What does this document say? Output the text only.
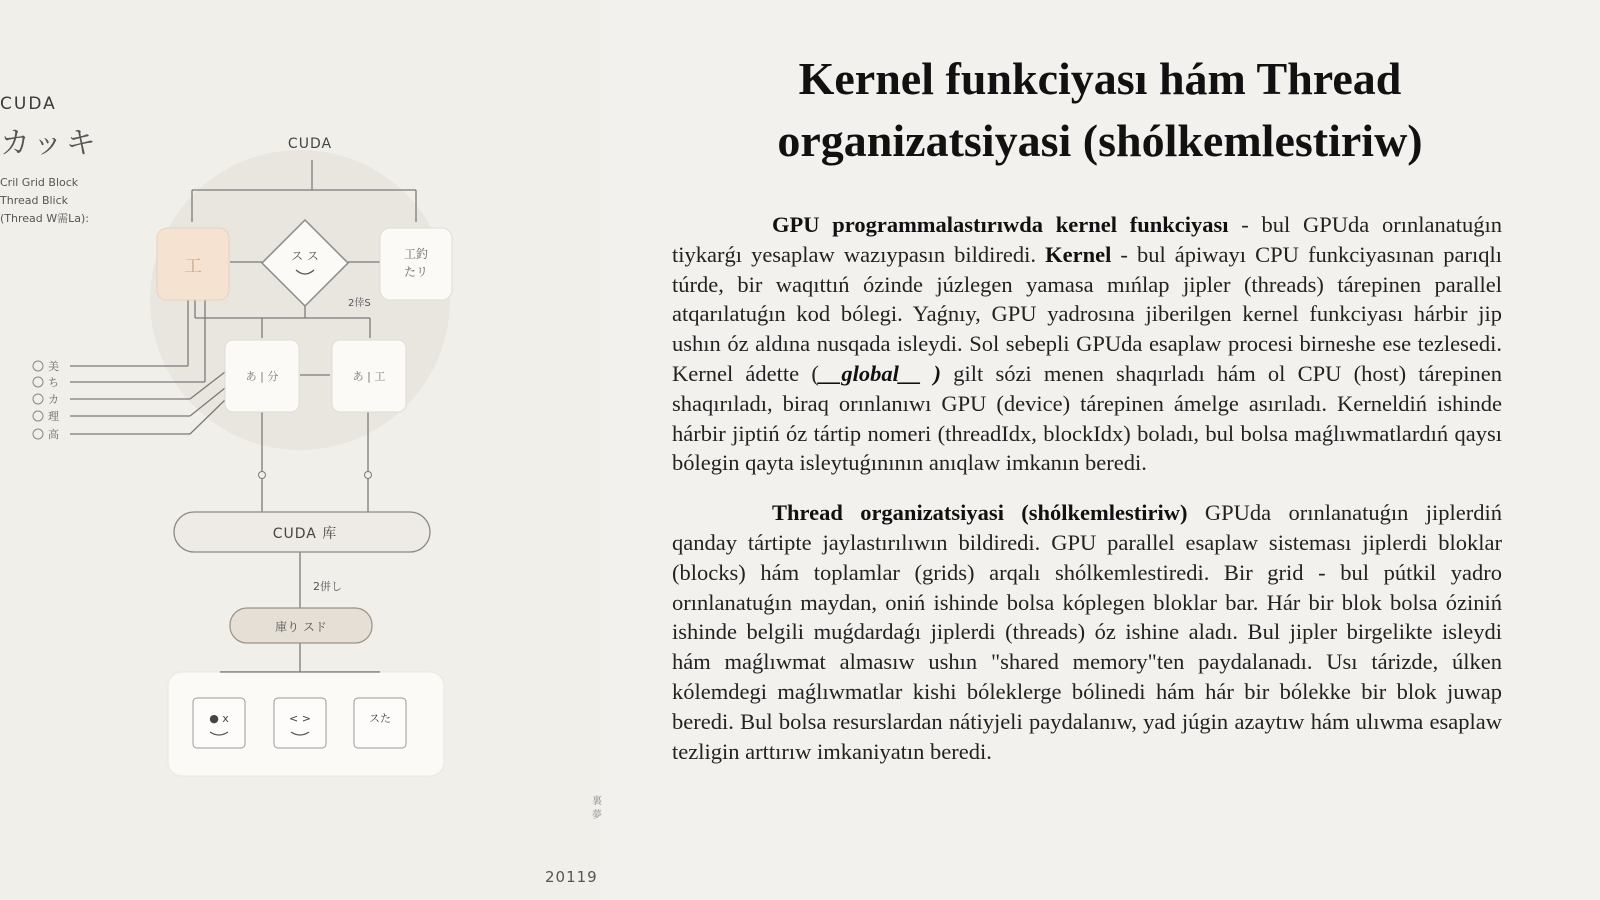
CUDA
カッキ
Cril Grid Block
Thread Blick
(Thread W需La):
CUDA
工	ス ス	工釣
たリ
2倖S
あ | 分	あ | 工
美
ち
カ
理
高
CUDA 库
2併し
庫り スド
● x	< >	スた
裏 夢
20119
Kernel funkciyası hám Thread
organizatsiyasi (shólkemlestiriw)

GPU programmalastırıwda kernel funkciyası - bul GPUda orınlanatuǵın tiykarǵı yesaplaw wazıypasın bildiredi. Kernel - bul ápiwayı CPU funkciyasınan parıqlı túrde, bir waqıttıń ózinde júzlegen yamasa mıńlap jipler (threads) tárepinen parallel atqarılatuǵın kod bólegi. Yaǵnıy, GPU yadrosına jiberilgen kernel funkciyası hárbir jip ushın óz aldına nusqada isleydi. Sol sebepli GPUda esaplaw procesi birneshe ese tezlesedi. Kernel ádette (__global__ ) gilt sózi menen shaqırladı hám ol CPU (host) tárepinen shaqırıladı, biraq orınlanıwı GPU (device) tárepinen ámelge asırıladı. Kerneldiń ishinde hárbir jiptiń óz tártip nomeri (threadIdx, blockIdx) boladı, bul bolsa maǵlıwmatlardıń qaysı bólegin qayta isleytuǵınının anıqlaw imkanın beredi.

Thread organizatsiyasi (shólkemlestiriw) GPUda orınlanatuǵın jiplerdiń qanday tártipte jaylastırılıwın bildiredi. GPU parallel esaplaw sisteması jiplerdi bloklar (blocks) hám toplamlar (grids) arqalı shólkemlestiredi. Bir grid - bul pútkil yadro orınlanatuǵın maydan, oniń ishinde bolsa kóplegen bloklar bar. Hár bir blok bolsa óziniń ishinde belgili muǵdardaǵı jiplerdi (threads) óz ishine aladı. Bul jipler birgelikte isleydi hám maǵlıwmat almasıw ushın "shared memory"ten paydalanadı. Usı tárizde, úlken kólemdegi maǵlıwmatlar kishi bóleklerge bólinedi hám hár bir bólekke bir blok juwap beredi. Bul bolsa resurslardan nátiyjeli paydalanıw, yad júgin azaytıw hám ulıwma esaplaw tezligin arttırıw imkaniyatın beredi.
